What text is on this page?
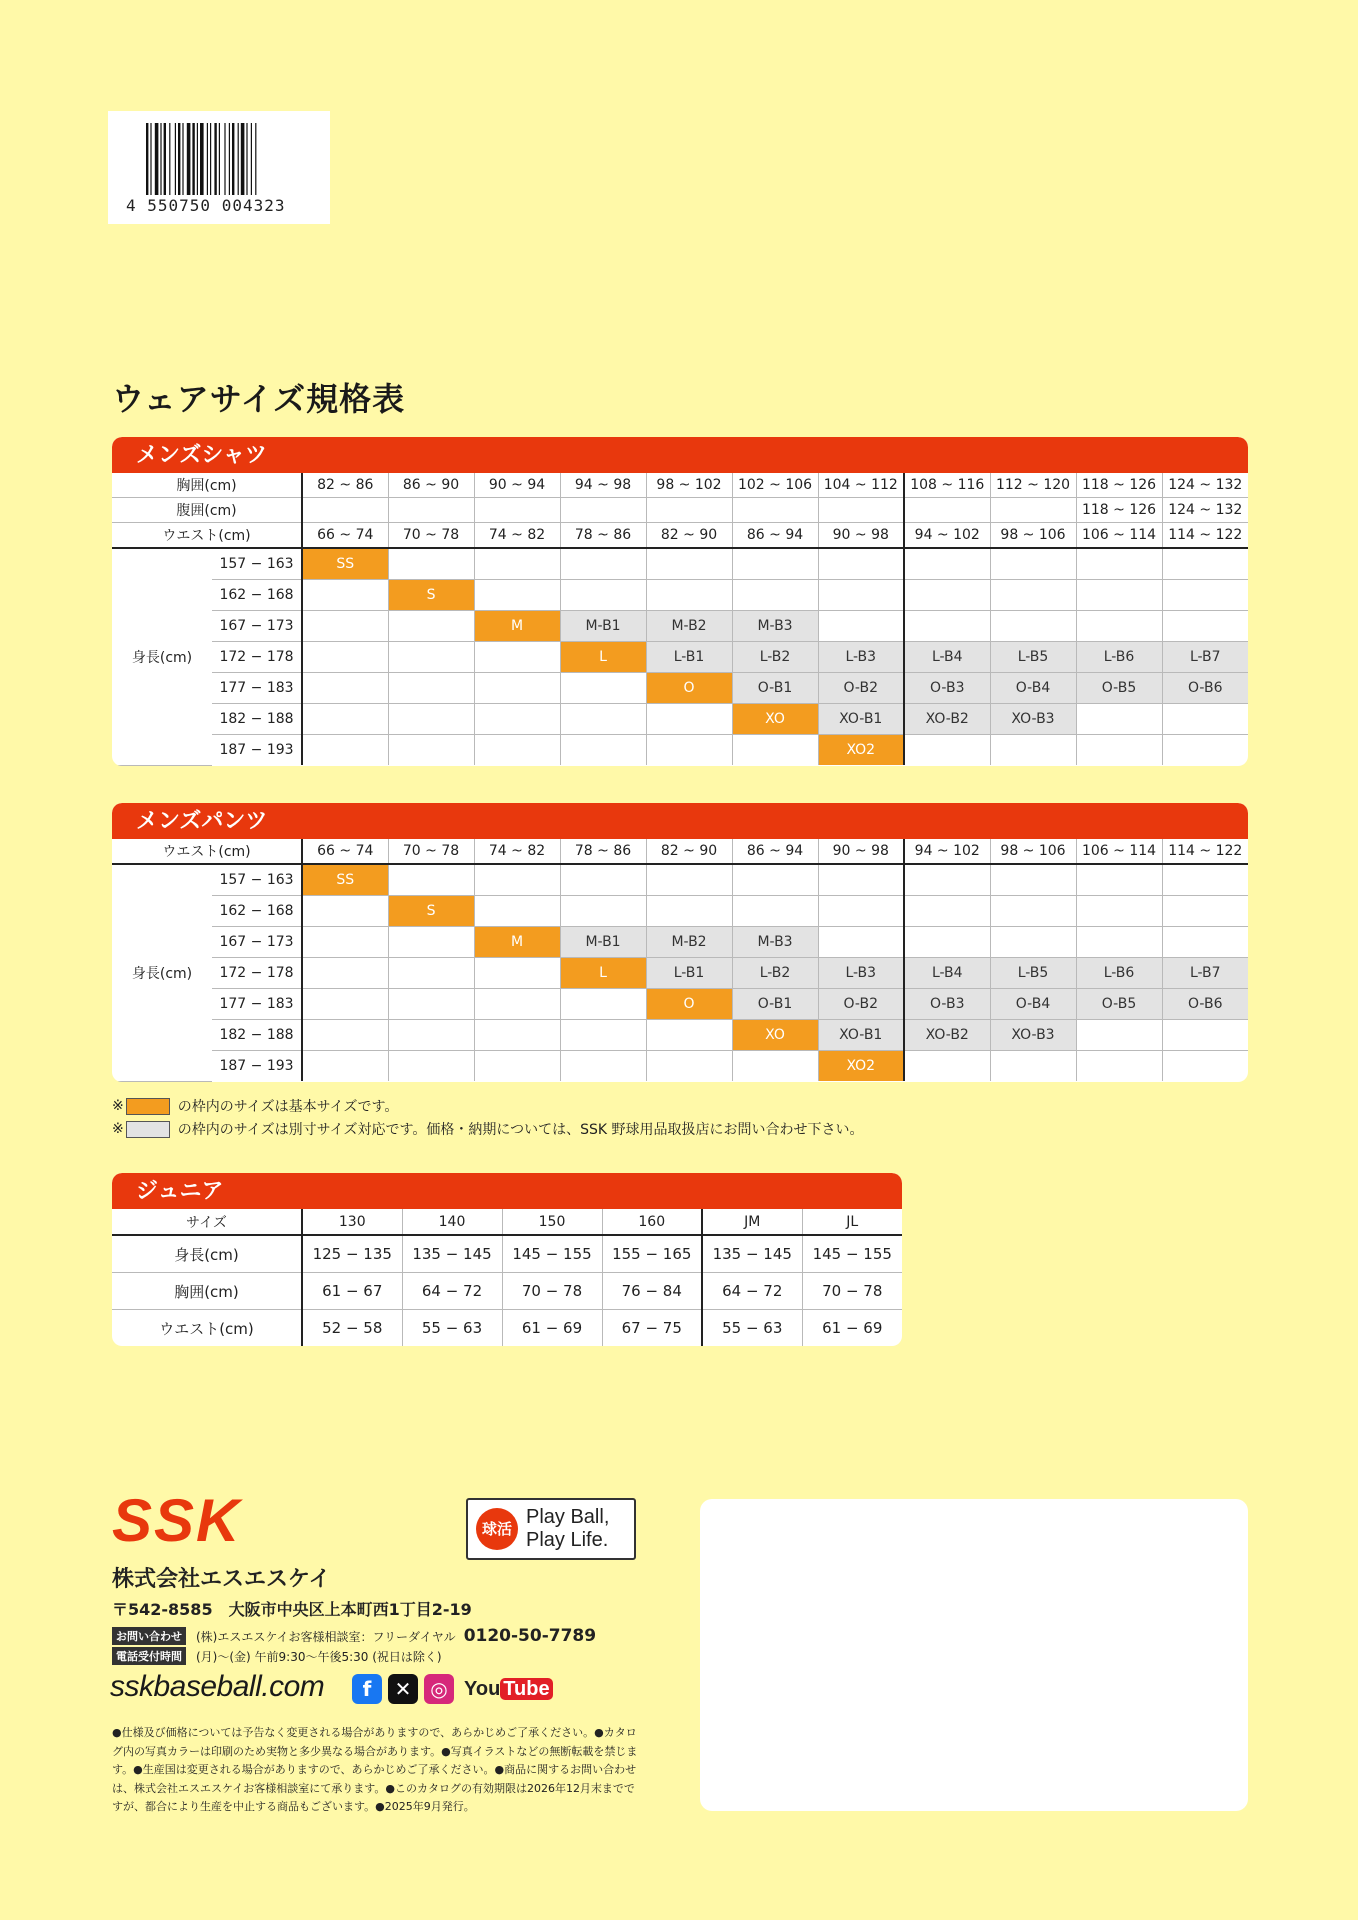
4 550750 004323
ウェアサイズ規格表
メンズシャツ
胸囲(cm)		82 ~ 86	86 ~ 90	90 ~ 94	94 ~ 98	98 ~ 102	102 ~ 106	104 ~ 112	108 ~ 116	112 ~ 120	118 ~ 126	124 ~ 132
腹囲(cm)											118 ~ 126	124 ~ 132
ウエスト(cm)		66 ~ 74	70 ~ 78	74 ~ 82	78 ~ 86	82 ~ 90	86 ~ 94	90 ~ 98	94 ~ 102	98 ~ 106	106 ~ 114	114 ~ 122
身長(cm)	157 − 163	SS										
	162 − 168		S									
	167 − 173			M	M-B1	M-B2	M-B3					
	172 − 178				L	L-B1	L-B2	L-B3	L-B4	L-B5	L-B6	L-B7
	177 − 183					O	O-B1	O-B2	O-B3	O-B4	O-B5	O-B6
	182 − 188						XO	XO-B1	XO-B2	XO-B3		
	187 − 193							XO2				
メンズパンツ
ウエスト(cm)		66 ~ 74	70 ~ 78	74 ~ 82	78 ~ 86	82 ~ 90	86 ~ 94	90 ~ 98	94 ~ 102	98 ~ 106	106 ~ 114	114 ~ 122
身長(cm)	157 − 163	SS										
	162 − 168		S									
	167 − 173			M	M-B1	M-B2	M-B3					
	172 − 178				L	L-B1	L-B2	L-B3	L-B4	L-B5	L-B6	L-B7
	177 − 183					O	O-B1	O-B2	O-B3	O-B4	O-B5	O-B6
	182 − 188						XO	XO-B1	XO-B2	XO-B3		
	187 − 193							XO2				
※	の枠内のサイズは基本サイズです。
※	の枠内のサイズは別寸サイズ対応です。価格・納期については、SSK 野球用品取扱店にお問い合わせ下さい。
ジュニア
サイズ	130	140	150	160	JM	JL
身長(cm)	125 − 135	135 − 145	145 − 155	155 − 165	135 − 145	145 − 155
胸囲(cm)	61 − 67	64 − 72	70 − 78	76 − 84	64 − 72	70 − 78
ウエスト(cm)	52 − 58	55 − 63	61 − 69	67 − 75	55 − 63	61 − 69
SSK
株式会社エスエスケイ
〒542-8585　大阪市中央区上本町西1丁目2-19
お問い合わせ	(株)エスエスケイお客様相談室：フリーダイヤル 0120-50-7789
電話受付時間	(月)～(金) 午前9:30～午後5:30 (祝日は除く)
sskbaseball.com	f	✕ ◎ You Tube
●仕様及び価格については予告なく変更される場合がありますので、あらかじめご了承ください。●カタログ内の写真カラーは印刷のため実物と多少異なる場合があります。●写真イラストなどの無断転載を禁じます。●生産国は変更される場合がありますので、あらかじめご了承ください。●商品に関するお問い合わせは、株式会社エスエスケイお客様相談室にて承ります。●このカタログの有効期限は2026年12月末までですが、都合により生産を中止する商品もございます。●2025年9月発行。
球活
Play Ball,
Play Life.
